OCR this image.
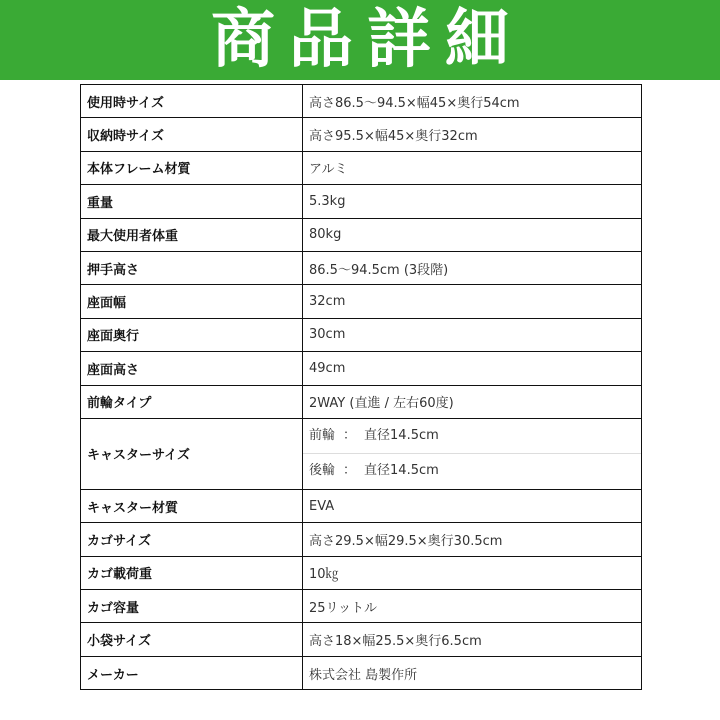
商品詳細
使用時サイズ	高さ86.5～94.5×幅45×奥行54cm
収納時サイズ	高さ95.5×幅45×奥行32cm
本体フレーム材質	アルミ
重量	5.3kg
最大使用者体重	80kg
押手高さ	86.5～94.5cm (3段階)
座面幅	32cm
座面奥行	30cm
座面高さ	49cm
前輪タイプ	2WAY (直進 / 左右60度)
キャスターサイズ	前輪 ： 直径14.5cm
後輪 ： 直径14.5cm

キャスター材質	EVA
カゴサイズ	高さ29.5×幅29.5×奥行30.5cm
カゴ載荷重	10㎏
カゴ容量	25リットル
小袋サイズ	高さ18×幅25.5×奥行6.5cm
メーカー	株式会社 島製作所
